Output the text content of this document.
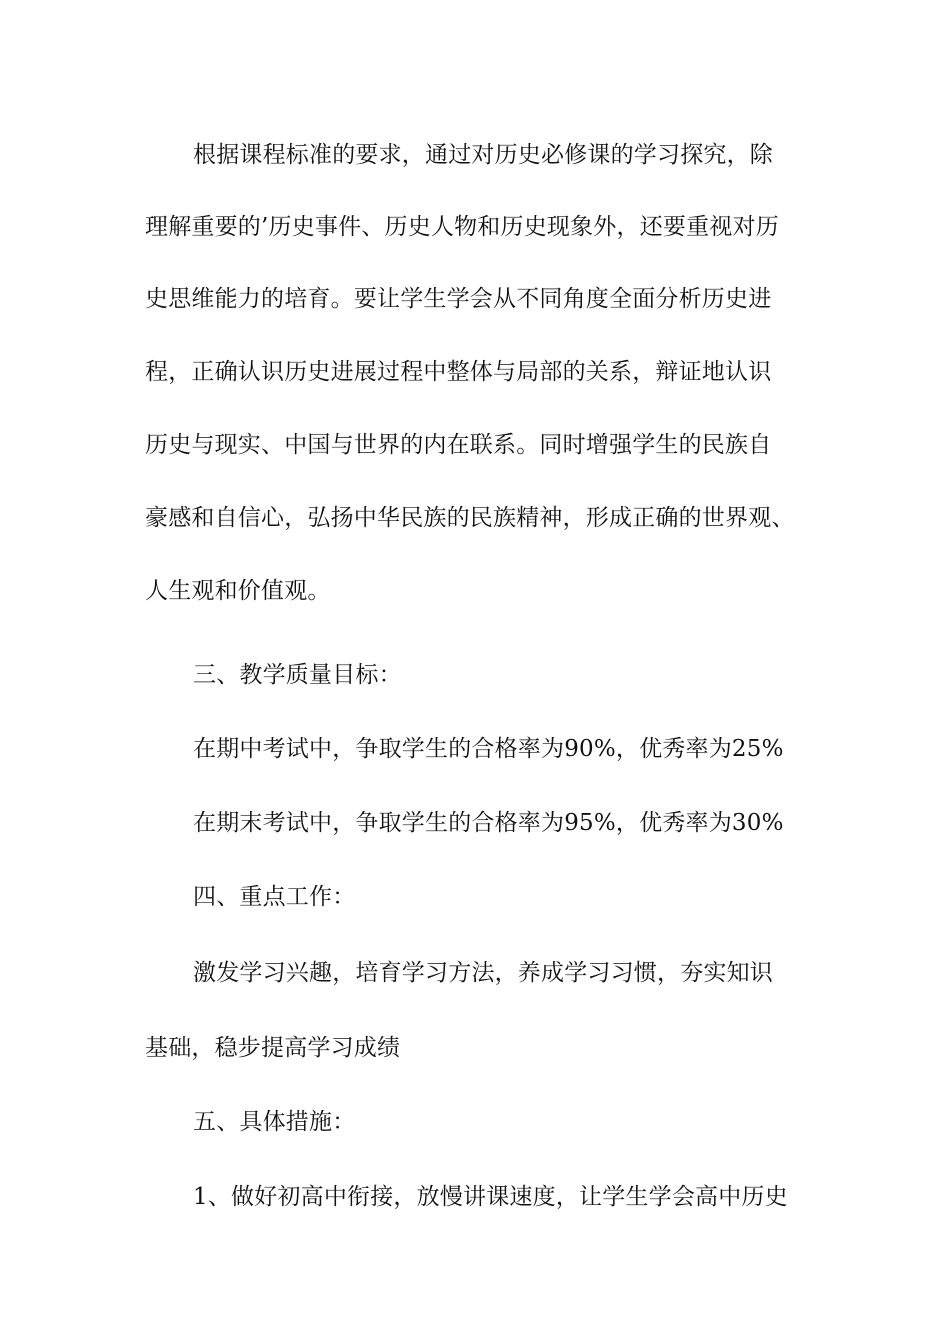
根据课程标准的要求，通过对历史必修课的学习探究，除
理解重要的’历史事件、历史人物和历史现象外，还要重视对历
史思维能力的培育。要让学生学会从不同角度全面分析历史进
程，正确认识历史进展过程中整体与局部的关系，辩证地认识
历史与现实、中国与世界的内在联系。同时增强学生的民族自
豪感和自信心，弘扬中华民族的民族精神，形成正确的世界观、
人生观和价值观。
三、教学质量目标：
在期中考试中，争取学生的合格率为90%，优秀率为25%
在期末考试中，争取学生的合格率为95%，优秀率为30%
四、重点工作：
激发学习兴趣，培育学习方法，养成学习习惯，夯实知识
基础，稳步提高学习成绩
五、具体措施：
1、做好初高中衔接，放慢讲课速度，让学生学会高中历史
